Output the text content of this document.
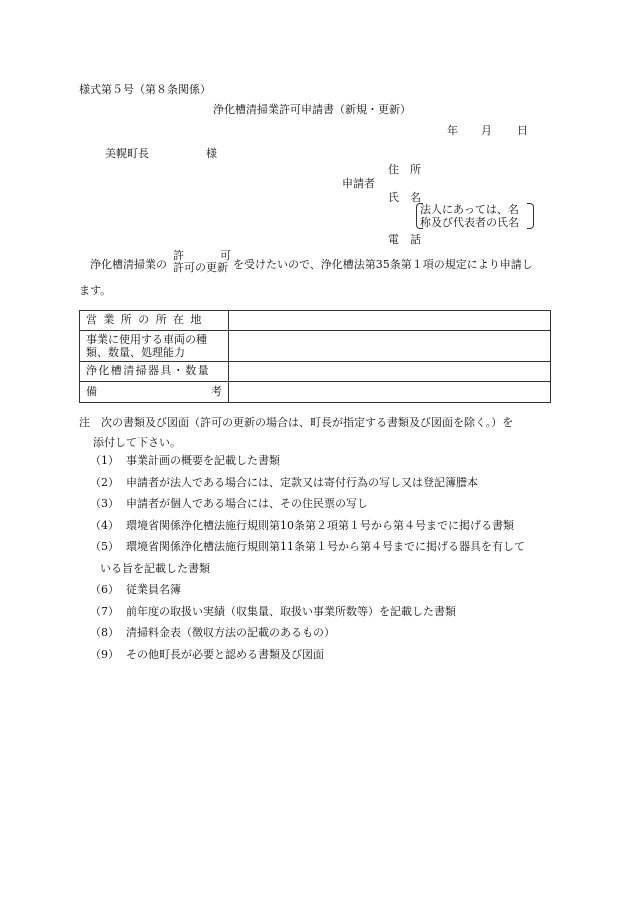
様式第５号（第８条関係）
浄化槽清掃業許可申請書（新規・更新）
年 月 日
美幌町長	様
住　所
申請者
氏　名
法人にあっては、名
称及び代表者の氏名
電　話
浄化槽清掃業の
許	可
許可の更新 を受けたいので、浄化槽法第35条第１項の規定により申請し
ます。
営業所の所在地	

事業に使用する車両の種
類、数量、処理能力	

浄化槽清掃器具・数量	

備 考	

注　次の書類及び図面（許可の更新の場合は、町長が指定する書類及び図面を除く。）を
添付して下さい。
（1） 事業計画の概要を記載した書類
（2） 申請者が法人である場合には、定款又は寄付行為の写し又は登記簿謄本
（3） 申請者が個人である場合には、その住民票の写し
（4） 環境省関係浄化槽法施行規則第10条第２項第１号から第４号までに掲げる書類
（5） 環境省関係浄化槽法施行規則第11条第１号から第４号までに掲げる器具を有して
いる旨を記載した書類
（6） 従業員名簿
（7） 前年度の取扱い実績（収集量、取扱い事業所数等）を記載した書類
（8） 清掃料金表（徴収方法の記載のあるもの）
（9） その他町長が必要と認める書類及び図面
